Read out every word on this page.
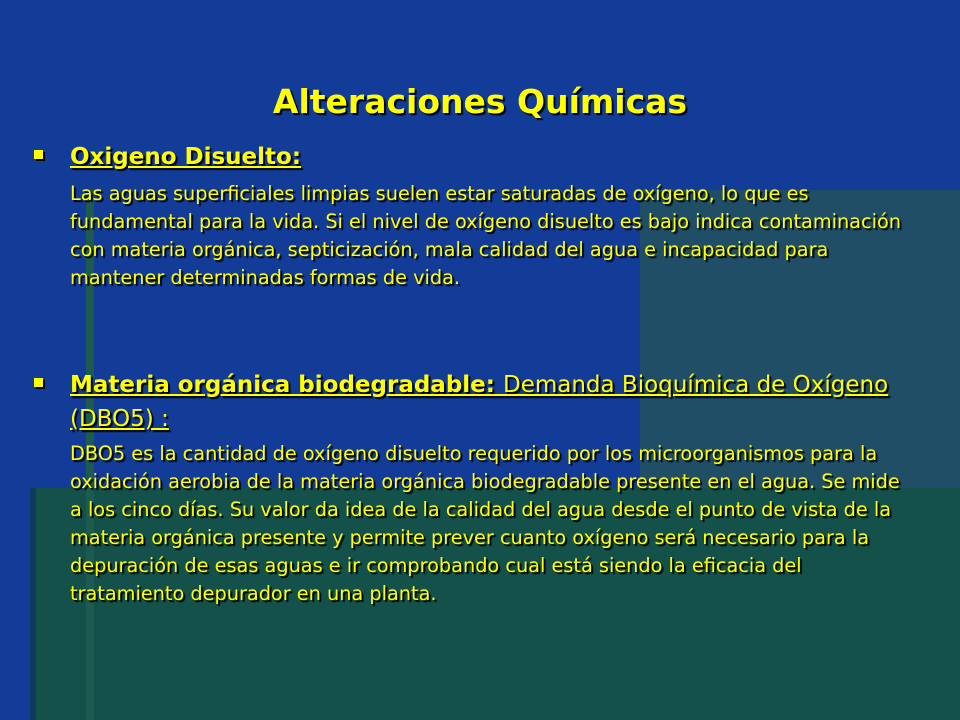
Alteraciones Químicas
Oxigeno Disuelto:

Las aguas superficiales limpias suelen estar saturadas de oxígeno, lo que es fundamental para la vida. Si el nivel de oxígeno disuelto es bajo indica contaminación con materia orgánica, septicización, mala calidad del agua e incapacidad para mantener determinadas formas de vida.

Materia orgánica biodegradable: Demanda Bioquímica de Oxígeno (DBO5) :

DBO5 es la cantidad de oxígeno disuelto requerido por los microorganismos para la oxidación aerobia de la materia orgánica biodegradable presente en el agua. Se mide a los cinco días. Su valor da idea de la calidad del agua desde el punto de vista de la materia orgánica presente y permite prever cuanto oxígeno será necesario para la depuración de esas aguas e ir comprobando cual está siendo la eficacia del tratamiento depurador en una planta.
